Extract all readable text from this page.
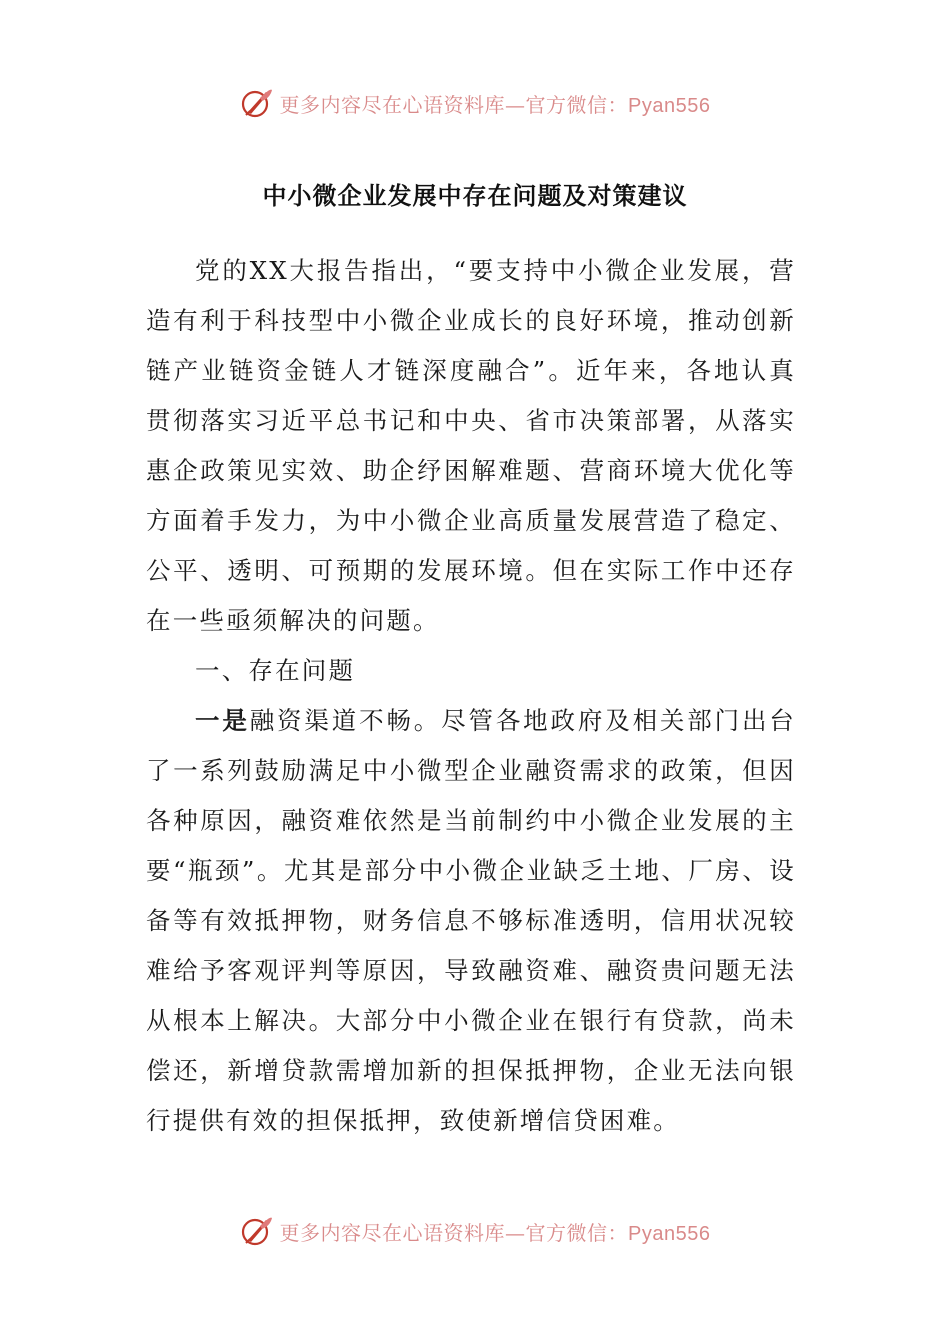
更多内容尽在心语资料库—官方微信：Pyan556
中小微企业发展中存在问题及对策建议

党的XX大报告指出，“要支持中小微企业发展，营造有利于科技型中小微企业成长的良好环境，推动创新链产业链资金链人才链深度融合”。近年来，各地认真贯彻落实习近平总书记和中央、省市决策部署，从落实惠企政策见实效、助企纾困解难题、营商环境大优化等方面着手发力，为中小微企业高质量发展营造了稳定、公平、透明、可预期的发展环境。但在实际工作中还存在一些亟须解决的问题。

一、存在问题

一是融资渠道不畅。尽管各地政府及相关部门出台了一系列鼓励满足中小微型企业融资需求的政策，但因各种原因，融资难依然是当前制约中小微企业发展的主要“瓶颈”。尤其是部分中小微企业缺乏土地、厂房、设备等有效抵押物，财务信息不够标准透明，信用状况较难给予客观评判等原因，导致融资难、融资贵问题无法从根本上解决。大部分中小微企业在银行有贷款，尚未偿还，新增贷款需增加新的担保抵押物，企业无法向银行提供有效的担保抵押，致使新增信贷困难。

更多内容尽在心语资料库—官方微信：Pyan556
